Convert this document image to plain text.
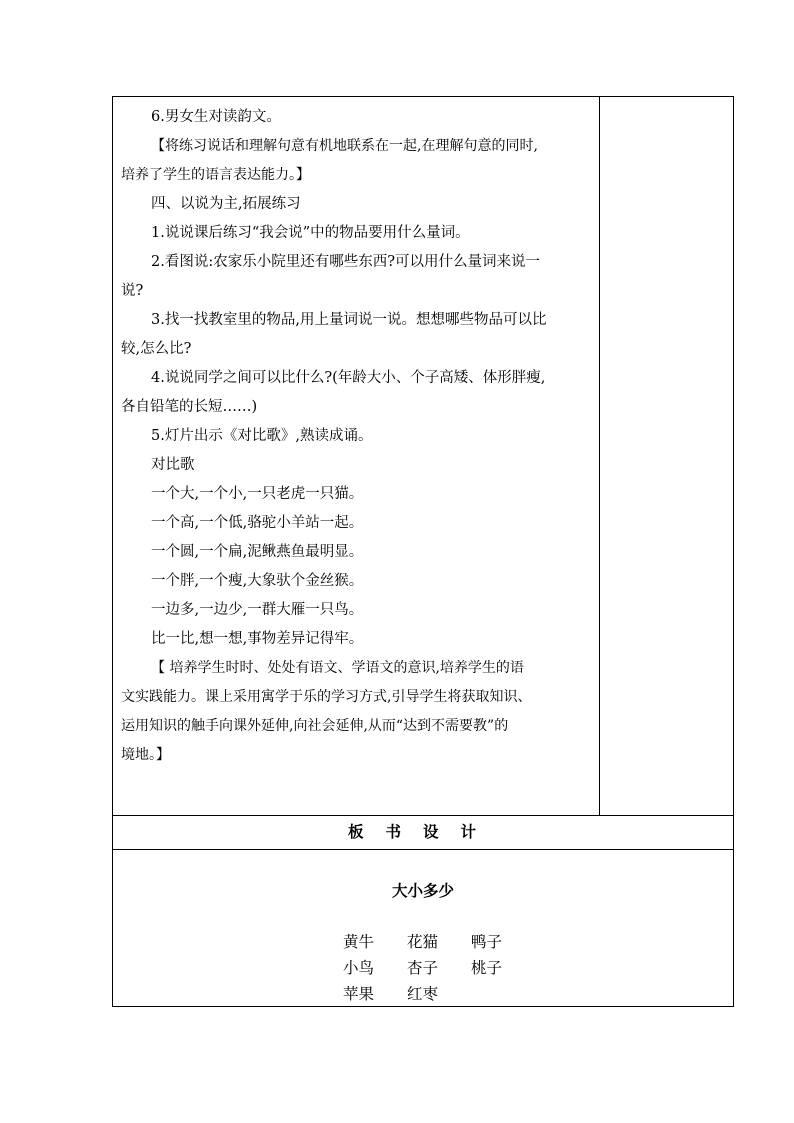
6.男女生对读韵文。
【将练习说话和理解句意有机地联系在一起,在理解句意的同时,
培养了学生的语言表达能力。】
四、以说为主,拓展练习
1.说说课后练习“我会说”中的物品要用什么量词。
2.看图说:农家乐小院里还有哪些东西?可以用什么量词来说一
说?
3.找一找教室里的物品,用上量词说一说。想想哪些物品可以比
较,怎么比?
4.说说同学之间可以比什么?(年龄大小、个子高矮、体形胖瘦,
各自铅笔的长短……)
5.灯片出示《对比歌》,熟读成诵。
对比歌
一个大,一个小,一只老虎一只猫。
一个高,一个低,骆驼小羊站一起。
一个圆,一个扁,泥鳅燕鱼最明显。
一个胖,一个瘦,大象驮个金丝猴。
一边多,一边少,一群大雁一只鸟。
比一比,想一想,事物差异记得牢。
【 培养学生时时、处处有语文、学语文的意识,培养学生的语
文实践能力。课上采用寓学于乐的学习方式,引导学生将获取知识、
运用知识的触手向课外延伸,向社会延伸,从而“达到不需要教”的
境地。】
板书设计
大小多少
黄牛	花猫	鸭子
小鸟	杏子	桃子
苹果	红枣
